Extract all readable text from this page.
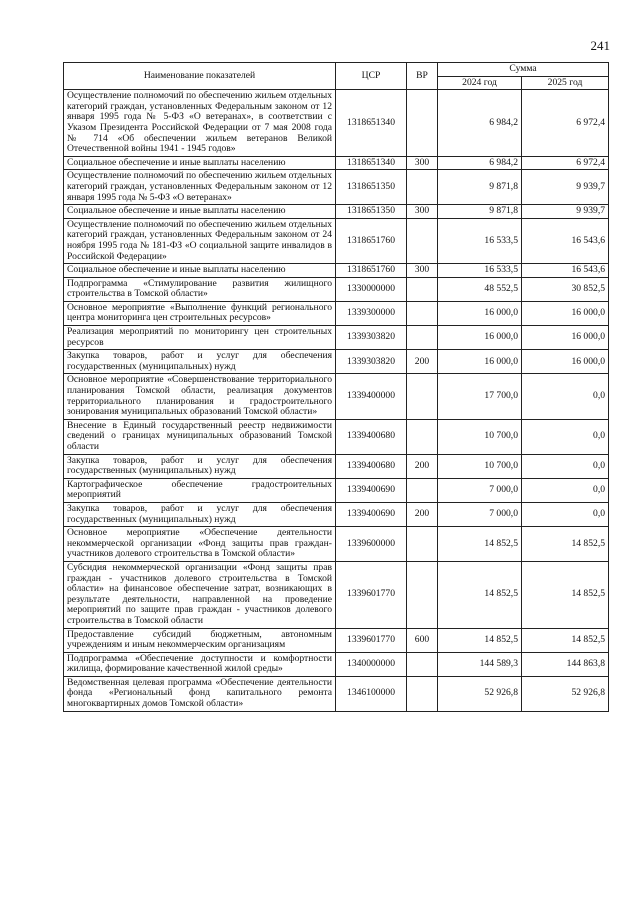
241
Наименование показателей	ЦСР	ВР	Сумма	
			2024 год	2025 год
Осуществление полномочий по обеспечению жильем отдельных категорий граждан, установленных Федеральным законом от 12 января 1995 года № 5-ФЗ «О ветеранах», в соответствии с Указом Президента Российской Федерации от 7 мая 2008 года № 714 «Об обеспечении жильем ветеранов Великой Отечественной войны 1941 - 1945 годов»	1318651340		6 984,2	6 972,4
Социальное обеспечение и иные выплаты населению	1318651340	300	6 984,2	6 972,4
Осуществление полномочий по обеспечению жильем отдельных категорий граждан, установленных Федеральным законом от 12 января 1995 года № 5-ФЗ «О ветеранах»	1318651350		9 871,8	9 939,7
Социальное обеспечение и иные выплаты населению	1318651350	300	9 871,8	9 939,7
Осуществление полномочий по обеспечению жильем отдельных категорий граждан, установленных Федеральным законом от 24 ноября 1995 года № 181-ФЗ «О социальной защите инвалидов в Российской Федерации»	1318651760		16 533,5	16 543,6
Социальное обеспечение и иные выплаты населению	1318651760	300	16 533,5	16 543,6
Подпрограмма «Стимулирование развития жилищного строительства в Томской области»	1330000000		48 552,5	30 852,5
Основное мероприятие «Выполнение функций регионального центра мониторинга цен строительных ресурсов»	1339300000		16 000,0	16 000,0
Реализация мероприятий по мониторингу цен строительных ресурсов	1339303820		16 000,0	16 000,0
Закупка товаров, работ и услуг для обеспечения государственных (муниципальных) нужд	1339303820	200	16 000,0	16 000,0
Основное мероприятие «Совершенствование территориального планирования Томской области, реализация документов территориального планирования и градостроительного зонирования муниципальных образований Томской области»	1339400000		17 700,0	0,0
Внесение в Единый государственный реестр недвижимости сведений о границах муниципальных образований Томской области	1339400680		10 700,0	0,0
Закупка товаров, работ и услуг для обеспечения государственных (муниципальных) нужд	1339400680	200	10 700,0	0,0
Картографическое обеспечение градостроительных мероприятий	1339400690		7 000,0	0,0
Закупка товаров, работ и услуг для обеспечения государственных (муниципальных) нужд	1339400690	200	7 000,0	0,0
Основное мероприятие «Обеспечение деятельности некоммерческой организации «Фонд защиты прав граждан-участников долевого строительства в Томской области»	1339600000		14 852,5	14 852,5
Субсидия некоммерческой организации «Фонд защиты прав граждан - участников долевого строительства в Томской области» на финансовое обеспечение затрат, возникающих в результате деятельности, направленной на проведение мероприятий по защите прав граждан - участников долевого строительства в Томской области	1339601770		14 852,5	14 852,5
Предоставление субсидий бюджетным, автономным учреждениям и иным некоммерческим организациям	1339601770	600	14 852,5	14 852,5
Подпрограмма «Обеспечение доступности и комфортности жилища, формирование качественной жилой среды»	1340000000		144 589,3	144 863,8
Ведомственная целевая программа «Обеспечение деятельности фонда «Региональный фонд капитального ремонта многоквартирных домов Томской области»	1346100000		52 926,8	52 926,8
